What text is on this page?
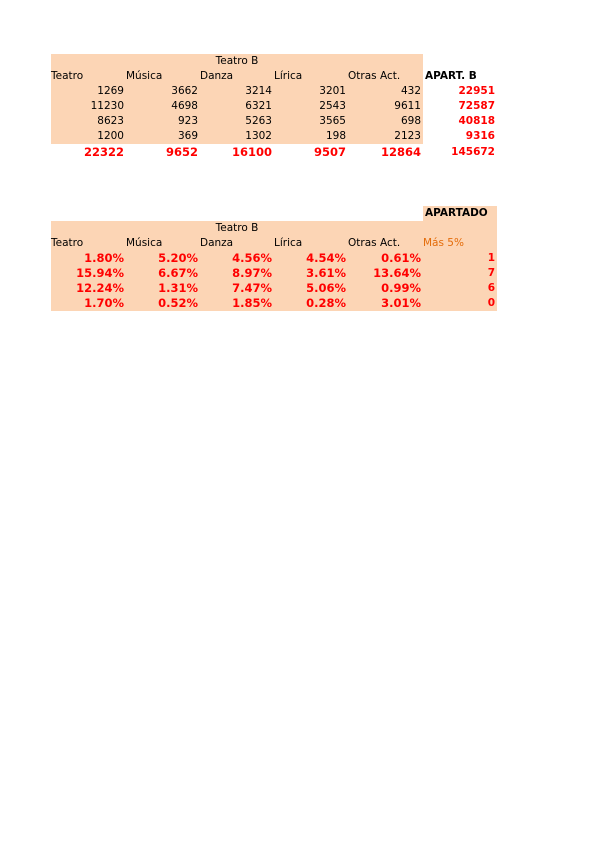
Teatro B
Teatro	Música	Danza	Lírica	Otras Act.	APART. B
1269	3662	3214	3201	432	22951
11230	4698	6321	2543	9611	72587
8623	923	5263	3565	698	40818
1200	369	1302	198	2123	9316
22322	9652	16100	9507	12864	145672
APARTADO
Teatro B
Teatro	Música	Danza	Lírica	Otras Act.	Más 5%
1.80%	5.20%	4.56%	4.54%	0.61%	1
15.94%	6.67%	8.97%	3.61%	13.64%	7
12.24%	1.31%	7.47%	5.06%	0.99%	6
1.70%	0.52%	1.85%	0.28%	3.01%	0
